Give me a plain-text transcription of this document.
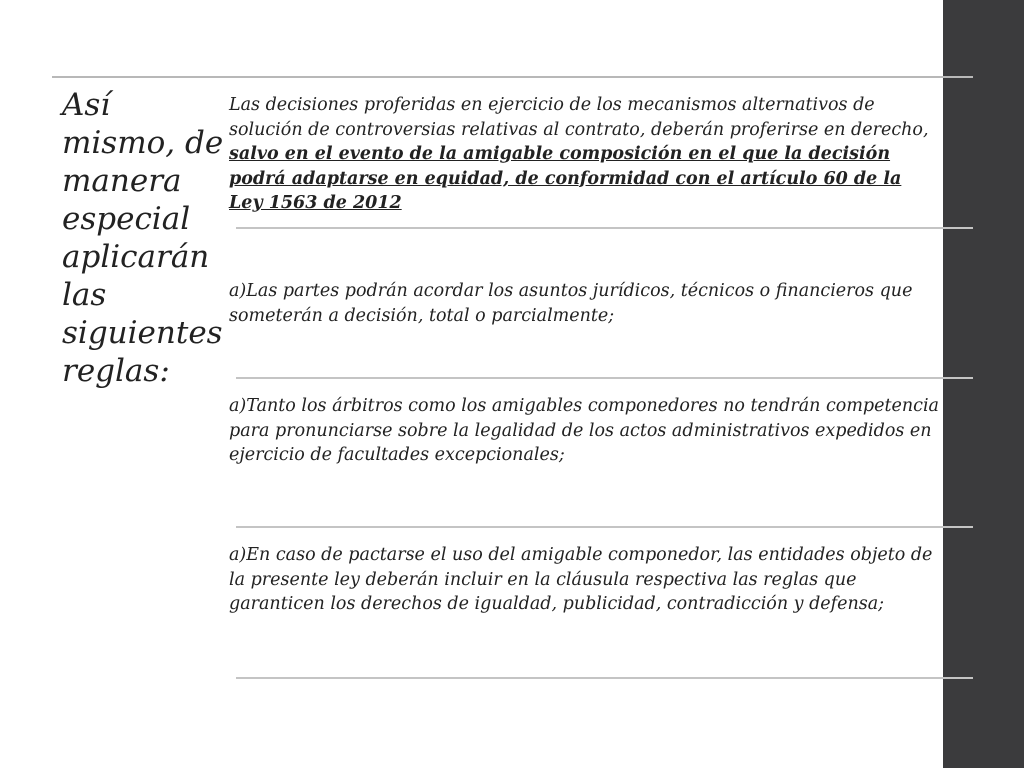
Así mismo, de manera especial aplicarán las siguientes reglas:
Las decisiones proferidas en ejercicio de los mecanismos alternativos de solución de controversias relativas al contrato, deberán proferirse en derecho, salvo en el evento de la amigable composición en el que la decisión podrá adaptarse en equidad, de conformidad con el artículo 60 de la Ley 1563 de 2012
a)Las partes podrán acordar los asuntos jurídicos, técnicos o financieros que someterán a decisión, total o parcialmente;
a)Tanto los árbitros como los amigables componedores no tendrán competencia para pronunciarse sobre la legalidad de los actos administrativos expedidos en ejercicio de facultades excepcionales;
a)En caso de pactarse el uso del amigable componedor, las entidades objeto de la presente ley deberán incluir en la cláusula respectiva las reglas que garanticen los derechos de igualdad, publicidad, contradicción y defensa;
